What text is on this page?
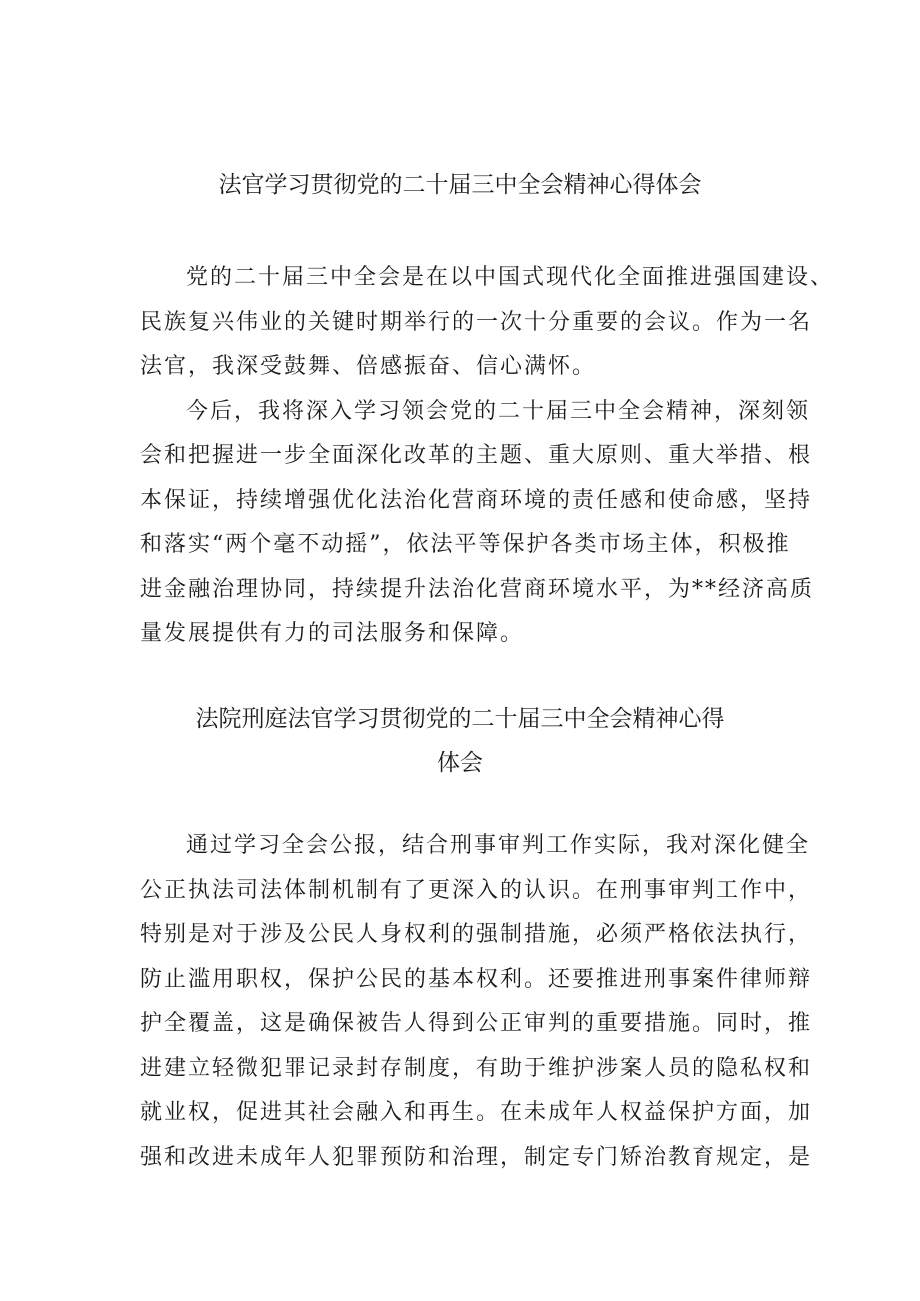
法官学习贯彻党的二十届三中全会精神心得体会
党的二十届三中全会是在以中国式现代化全面推进强国建设、
民族复兴伟业的关键时期举行的一次十分重要的会议。作为一名
法官，我深受鼓舞、倍感振奋、信心满怀。
今后，我将深入学习领会党的二十届三中全会精神，深刻领
会和把握进一步全面深化改革的主题、重大原则、重大举措、根
本保证，持续增强优化法治化营商环境的责任感和使命感，坚持
和落实“两个毫不动摇”，依法平等保护各类市场主体，积极推
进金融治理协同，持续提升法治化营商环境水平，为**经济高质
量发展提供有力的司法服务和保障。
法院刑庭法官学习贯彻党的二十届三中全会精神心得
体会
通过学习全会公报，结合刑事审判工作实际，我对深化健全
公正执法司法体制机制有了更深入的认识。在刑事审判工作中，
特别是对于涉及公民人身权利的强制措施，必须严格依法执行，
防止滥用职权，保护公民的基本权利。还要推进刑事案件律师辩
护全覆盖，这是确保被告人得到公正审判的重要措施。同时，推
进建立轻微犯罪记录封存制度，有助于维护涉案人员的隐私权和
就业权，促进其社会融入和再生。在未成年人权益保护方面，加
强和改进未成年人犯罪预防和治理，制定专门矫治教育规定，是
